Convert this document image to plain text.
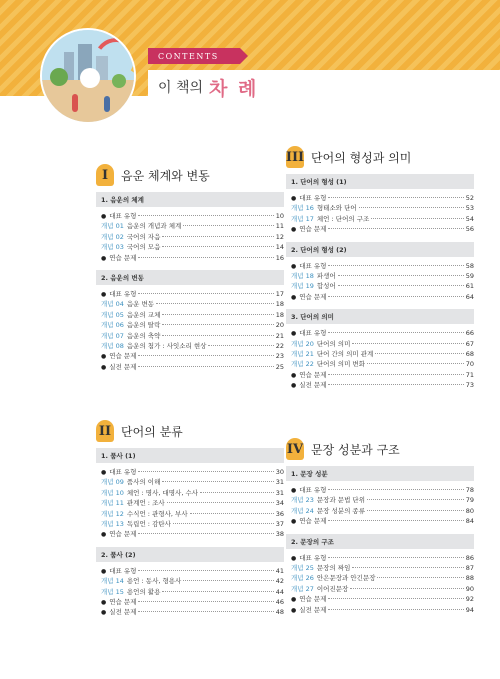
CONTENTS
이 책의 차 례
I	음운 체계와 변동
1. 음운의 체계
● 대표 유형	10
개념 01 음운의 개념과 체계	11
개념 02 국어의 자음	12
개념 03 국어의 모음	14
● 연습 문제	16
2. 음운의 변동
● 대표 유형	17
개념 04 음운 변동	18
개념 05 음운의 교체	18
개념 06 음운의 탈락	20
개념 07 음운의 축약	21
개념 08 음운의 첨가 : 사잇소리 현상	22
● 연습 문제	23
● 실전 문제	25
II 단어의 분류
1. 품사 (1)
● 대표 유형	30
개념 09 품사의 이해	31
개념 10 체언 : 명사, 대명사, 수사	31
개념 11 관계언 : 조사	34
개념 12 수식언 : 관형사, 부사	36
개념 13 독립언 : 감탄사	37
● 연습 문제	38
2. 품사 (2)
● 대표 유형	41
개념 14 용언 : 동사, 형용사	42
개념 15 용언의 활용	44
● 연습 문제	46
● 실전 문제	48
III 단어의 형성과 의미
1. 단어의 형성 (1)
● 대표 유형	52
개념 16 형태소와 단어	53
개념 17 체언 : 단어의 구조	54
● 연습 문제	56
2. 단어의 형성 (2)
● 대표 유형	58
개념 18 파생어	59
개념 19 합성어	61
● 연습 문제	64
3. 단어의 의미
● 대표 유형	66
개념 20 단어의 의미	67
개념 21 단어 간의 의미 관계	68
개념 22 단어의 의미 변화	70
● 연습 문제	71
● 실전 문제	73
IV 문장 성분과 구조
1. 문장 성분
● 대표 유형	78
개념 23 문장과 문법 단위	79
개념 24 문장 성분의 종류	80
● 연습 문제	84
2. 문장의 구조
● 대표 유형	86
개념 25 문장의 짜임	87
개념 26 안은문장과 안긴문장	88
개념 27 이어진문장	90
● 연습 문제	92
● 실전 문제	94
